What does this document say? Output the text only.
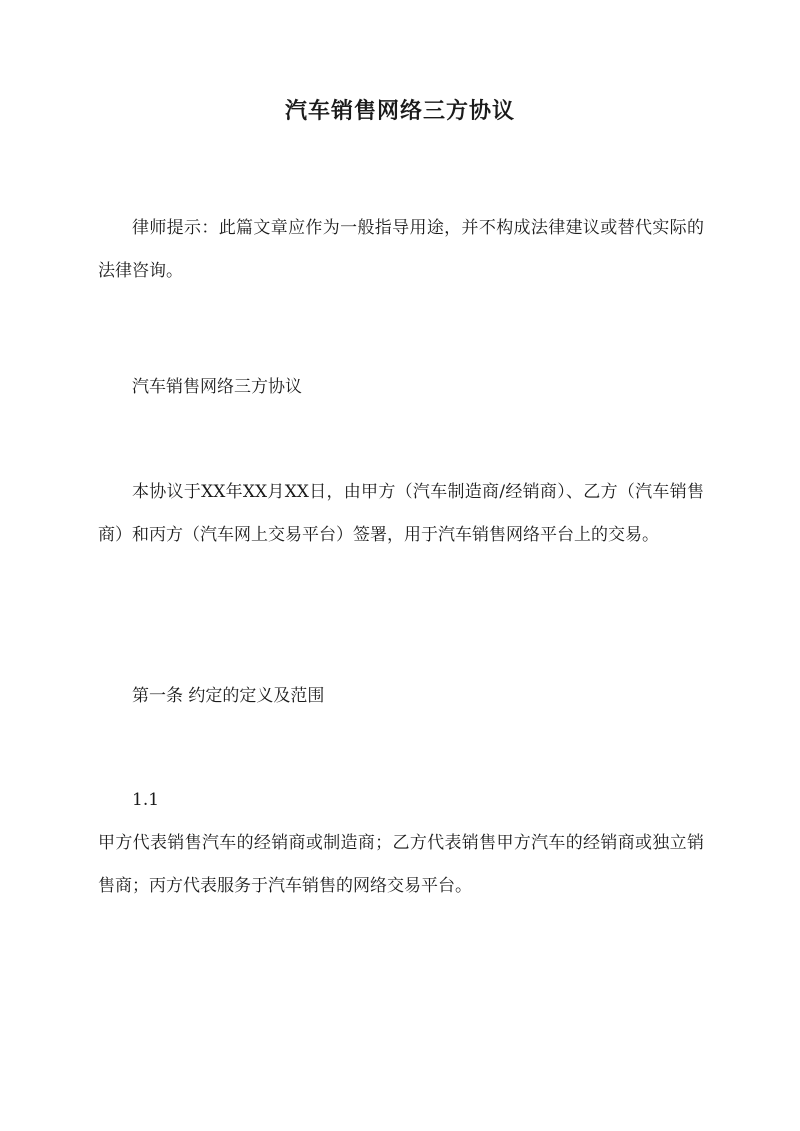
汽车销售网络三方协议
律师提示：此篇文章应作为一般指导用途，并不构成法律建议或替代实际的法律咨询。
汽车销售网络三方协议
本协议于XX年XX月XX日，由甲方（汽车制造商/经销商）、乙方（汽车销售商）和丙方（汽车网上交易平台）签署，用于汽车销售网络平台上的交易。
第一条 约定的定义及范围
1.1
甲方代表销售汽车的经销商或制造商；乙方代表销售甲方汽车的经销商或独立销售商；丙方代表服务于汽车销售的网络交易平台。
